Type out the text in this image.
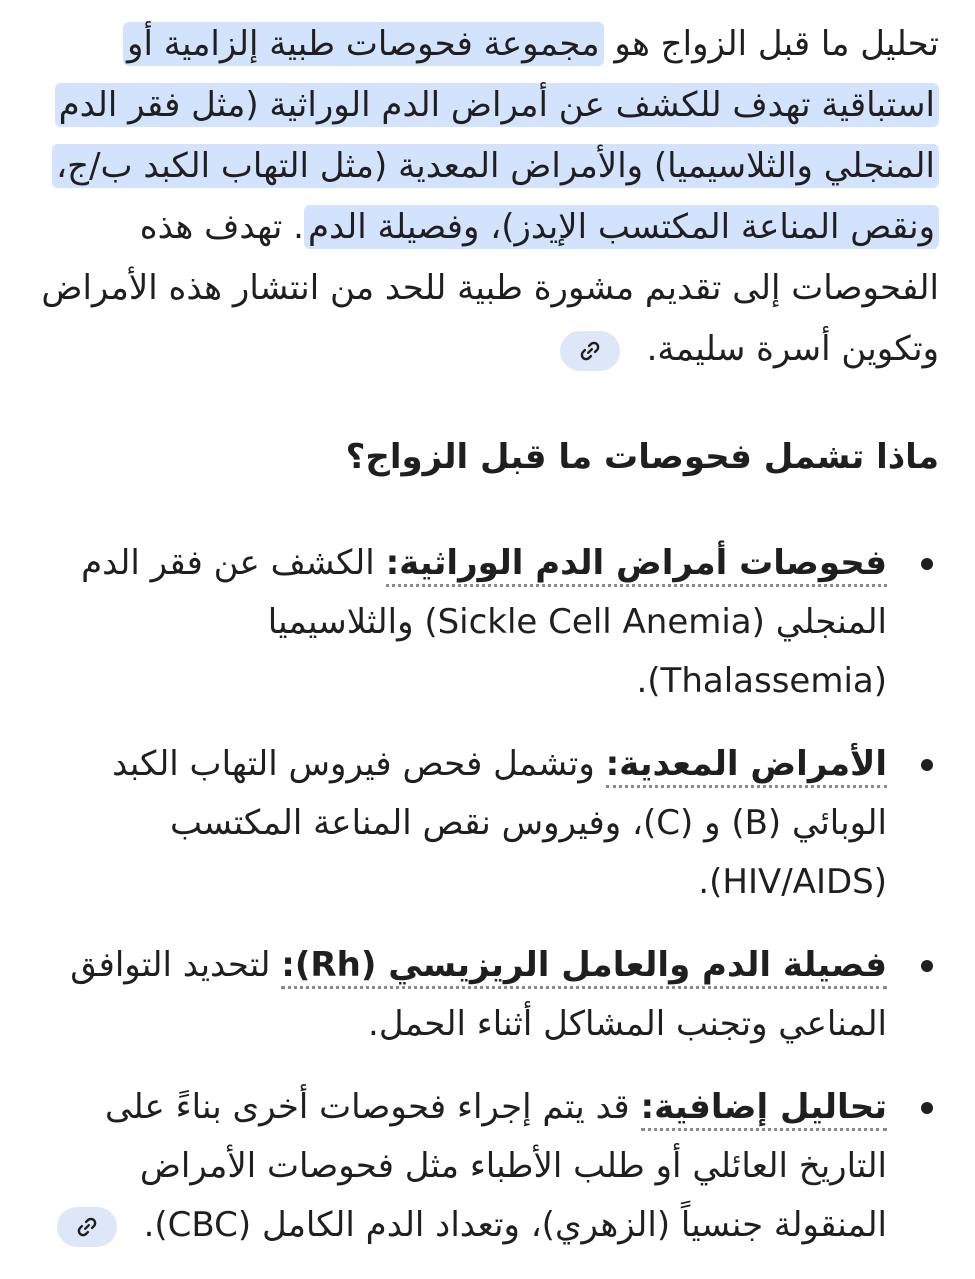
تحليل ما قبل الزواج هو مجموعة فحوصات طبية إلزامية أو استباقية تهدف للكشف عن أمراض الدم الوراثية (مثل فقر الدم المنجلي والثلاسيميا) والأمراض المعدية (مثل التهاب الكبد ب/ج، ونقص المناعة المكتسب الإيدز)، وفصيلة الدم. تهدف هذه الفحوصات إلى تقديم مشورة طبية للحد من انتشار هذه الأمراض وتكوين أسرة سليمة.

ماذا تشمل فحوصات ما قبل الزواج؟
فحوصات أمراض الدم الوراثية: الكشف عن فقر الدم المنجلي (Sickle Cell Anemia) والثلاسيميا (Thalassemia).
الأمراض المعدية: وتشمل فحص فيروس التهاب الكبد الوبائي (B) و (C)، وفيروس نقص المناعة المكتسب (HIV/AIDS).
فصيلة الدم والعامل الريزيسي (Rh): لتحديد التوافق المناعي وتجنب المشاكل أثناء الحمل.
تحاليل إضافية: قد يتم إجراء فحوصات أخرى بناءً على التاريخ العائلي أو طلب الأطباء مثل فحوصات الأمراض المنقولة جنسياً (الزهري)، وتعداد الدم الكامل (CBC).
